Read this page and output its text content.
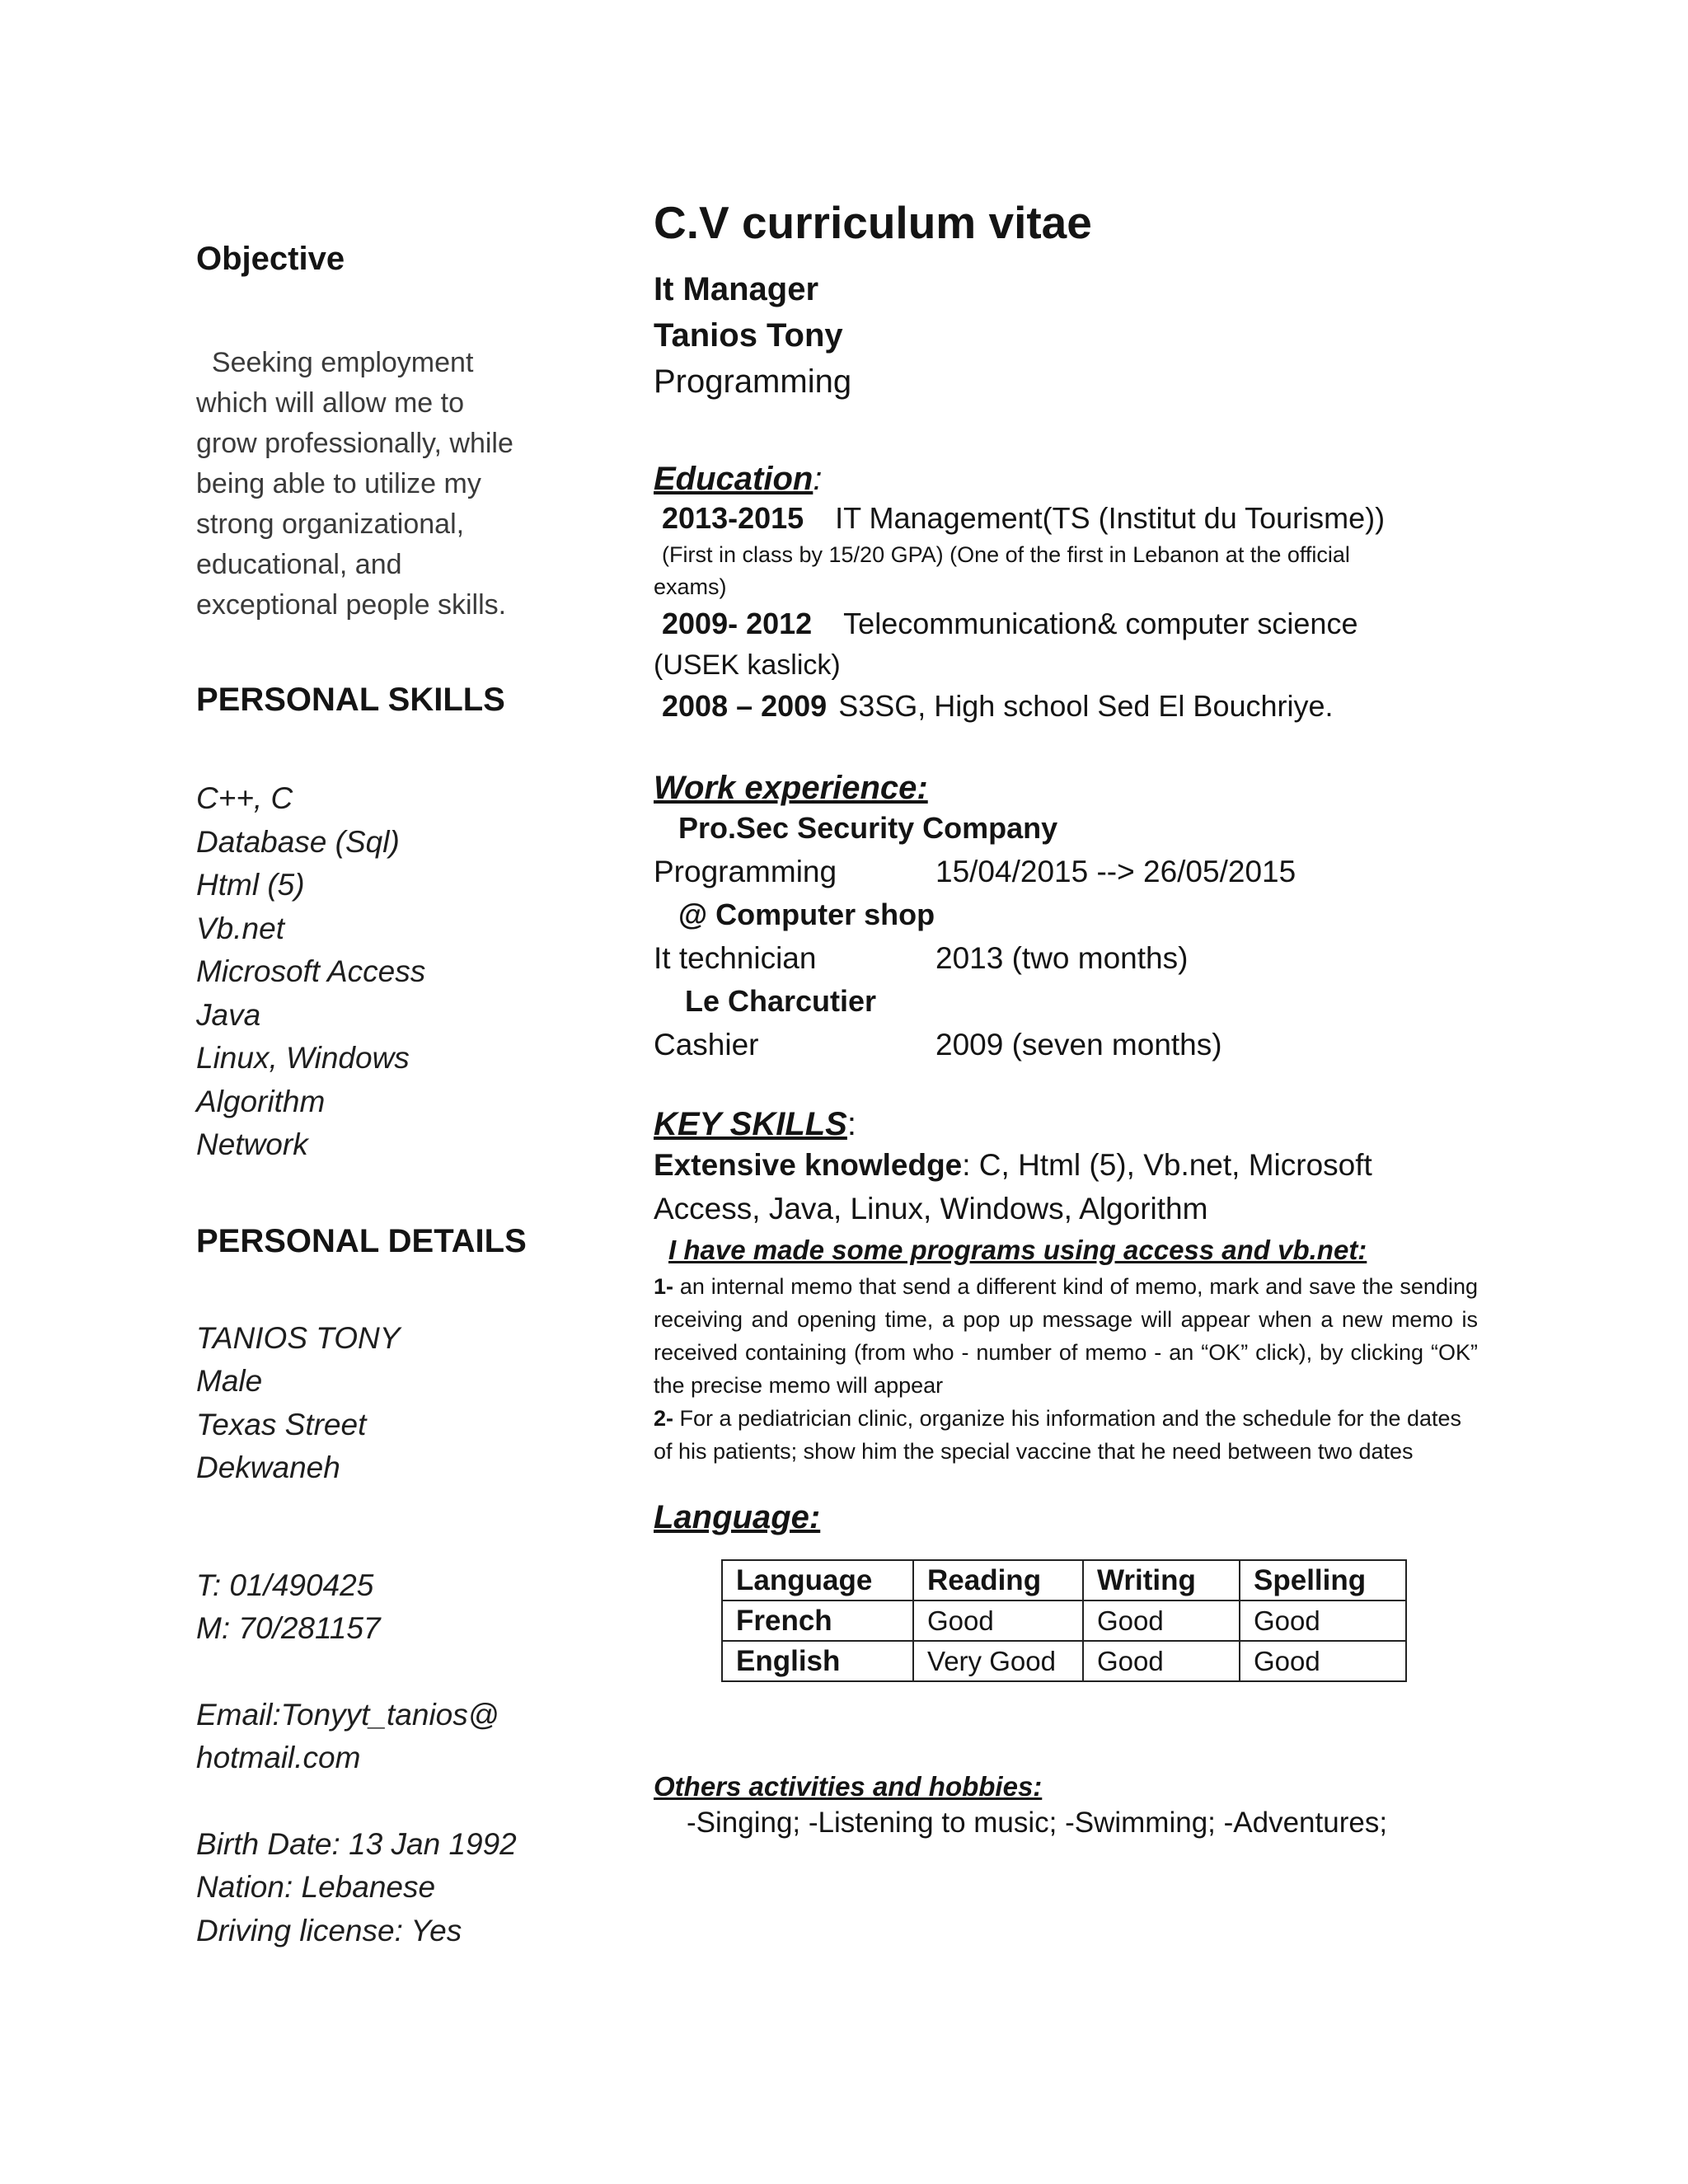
Objective
Seeking employment
which will allow me to
grow professionally, while
being able to utilize my
strong organizational,
educational, and
exceptional people skills.
PERSONAL SKILLS
C++, C
Database (Sql)
Html (5)
Vb.net
Microsoft Access
Java
Linux, Windows
Algorithm
Network
PERSONAL DETAILS
TANIOS TONY
Male
Texas Street
Dekwaneh
T: 01/490425
M: 70/281157
Email:Tonyyt_tanios@
hotmail.com
Birth Date: 13 Jan 1992
Nation: Lebanese
Driving license: Yes
C.V curriculum vitae
It Manager
Tanios Tony
Programming
Education:
2013-2015 IT Management(TS (Institut du Tourisme))
(First in class by 15/20 GPA) (One of the first in Lebanon at the official
exams)
2009- 2012 Telecommunication& computer science
(USEK kaslick)
2008 – 2009 S3SG, High school Sed El Bouchriye.
Work experience:
Pro.Sec Security Company
Programming	15/04/2015 --> 26/05/2015
@ Computer shop
It technician	2013 (two months)
Le Charcutier
Cashier	2009 (seven months)
KEY SKILLS:
Extensive knowledge: C, Html (5), Vb.net, Microsoft
Access, Java, Linux, Windows, Algorithm
I have made some programs using access and vb.net:
1- an internal memo that send a different kind of memo, mark and save the sending receiving and opening time, a pop up message will appear when a new memo is received containing (from who - number of memo - an “OK” click), by clicking “OK” the precise memo will appear
2- For a pediatrician clinic, organize his information and the schedule for the dates of his patients; show him the special vaccine that he need between two dates
Language:
Language	Reading	Writing	Spelling
French	Good	Good	Good
English	Very Good	Good	Good
Others activities and hobbies:
-Singing; -Listening to music; -Swimming; -Adventures;
